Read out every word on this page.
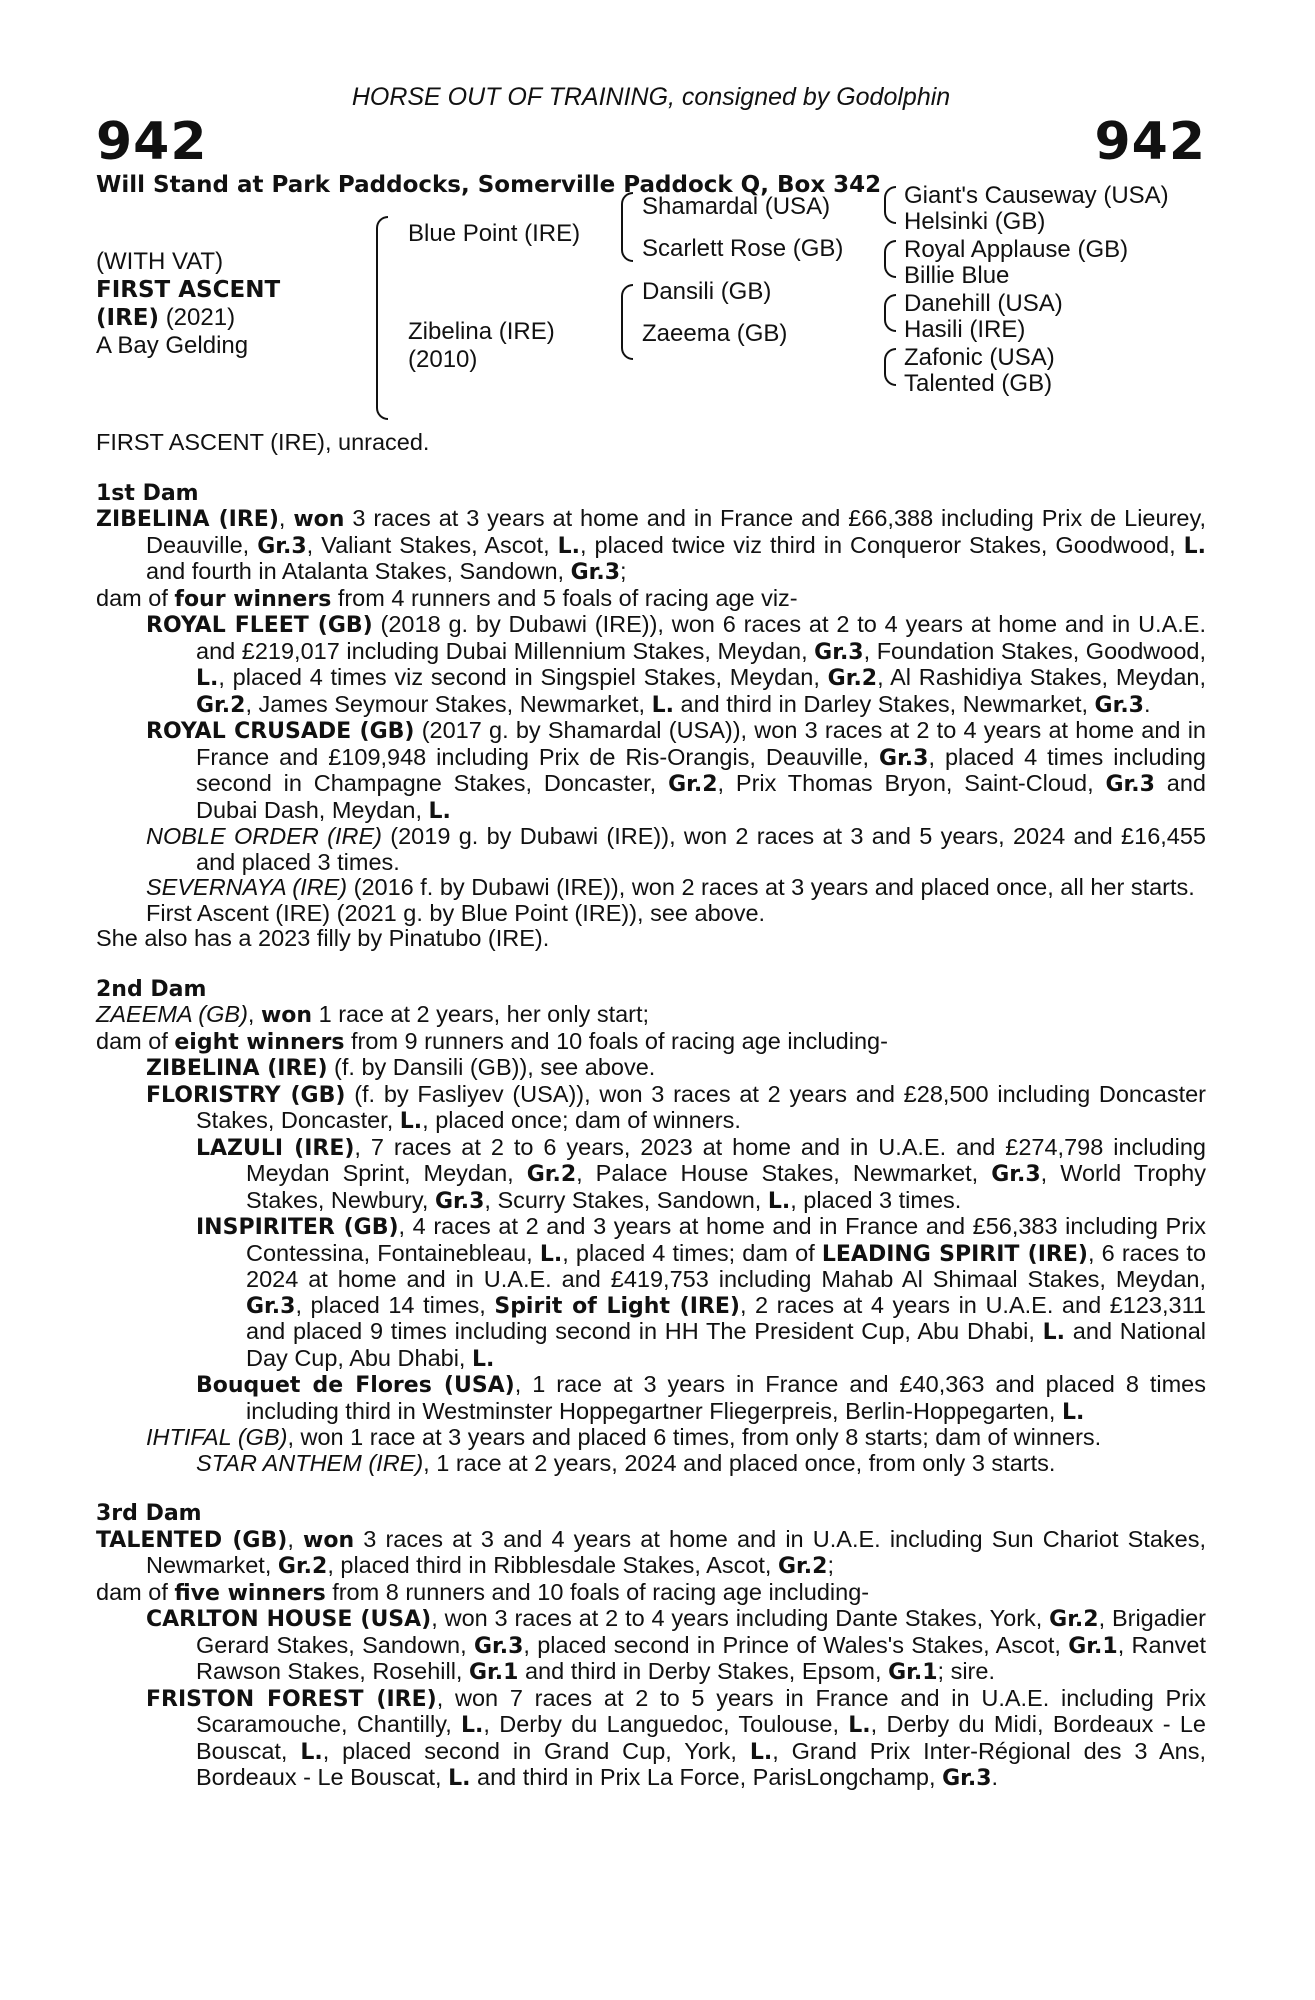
HORSE OUT OF TRAINING, consigned by Godolphin
942	942
Will Stand at Park Paddocks, Somerville Paddock Q, Box 342
(WITH VAT)
FIRST ASCENT
(IRE) (2021)
A Bay Gelding
Blue Point (IRE)
Zibelina (IRE)
(2010)
Shamardal (USA)
Scarlett Rose (GB)
Dansili (GB)
Zaeema (GB)
Giant's Causeway (USA)
Helsinki (GB)
Royal Applause (GB)
Billie Blue
Danehill (USA)
Hasili (IRE)
Zafonic (USA)
Talented (GB)

FIRST ASCENT (IRE), unraced.

1st Dam

ZIBELINA (IRE), won 3 races at 3 years at home and in France and £66,388 including Prix de Lieurey, Deauville, Gr.3, Valiant Stakes, Ascot, L., placed twice viz third in Conqueror Stakes, Goodwood, L. and fourth in Atalanta Stakes, Sandown, Gr.3;

dam of four winners from 4 runners and 5 foals of racing age viz-

ROYAL FLEET (GB) (2018 g. by Dubawi (IRE)), won 6 races at 2 to 4 years at home and in U.A.E. and £219,017 including Dubai Millennium Stakes, Meydan, Gr.3, Foundation Stakes, Goodwood, L., placed 4 times viz second in Singspiel Stakes, Meydan, Gr.2, Al Rashidiya Stakes, Meydan, Gr.2, James Seymour Stakes, Newmarket, L. and third in Darley Stakes, Newmarket, Gr.3.

ROYAL CRUSADE (GB) (2017 g. by Shamardal (USA)), won 3 races at 2 to 4 years at home and in France and £109,948 including Prix de Ris-Orangis, Deauville, Gr.3, placed 4 times including second in Champagne Stakes, Doncaster, Gr.2, Prix Thomas Bryon, Saint-Cloud, Gr.3 and Dubai Dash, Meydan, L.

NOBLE ORDER (IRE) (2019 g. by Dubawi (IRE)), won 2 races at 3 and 5 years, 2024 and £16,455 and placed 3 times.

SEVERNAYA (IRE) (2016 f. by Dubawi (IRE)), won 2 races at 3 years and placed once, all her starts.

First Ascent (IRE) (2021 g. by Blue Point (IRE)), see above.

She also has a 2023 filly by Pinatubo (IRE).

2nd Dam

ZAEEMA (GB), won 1 race at 2 years, her only start;

dam of eight winners from 9 runners and 10 foals of racing age including-

ZIBELINA (IRE) (f. by Dansili (GB)), see above.

FLORISTRY (GB) (f. by Fasliyev (USA)), won 3 races at 2 years and £28,500 including Doncaster Stakes, Doncaster, L., placed once; dam of winners.

LAZULI (IRE), 7 races at 2 to 6 years, 2023 at home and in U.A.E. and £274,798 including Meydan Sprint, Meydan, Gr.2, Palace House Stakes, Newmarket, Gr.3, World Trophy Stakes, Newbury, Gr.3, Scurry Stakes, Sandown, L., placed 3 times.

INSPIRITER (GB), 4 races at 2 and 3 years at home and in France and £56,383 including Prix Contessina, Fontainebleau, L., placed 4 times; dam of LEADING SPIRIT (IRE), 6 races to 2024 at home and in U.A.E. and £419,753 including Mahab Al Shimaal Stakes, Meydan, Gr.3, placed 14 times, Spirit of Light (IRE), 2 races at 4 years in U.A.E. and £123,311 and placed 9 times including second in HH The President Cup, Abu Dhabi, L. and National Day Cup, Abu Dhabi, L.

Bouquet de Flores (USA), 1 race at 3 years in France and £40,363 and placed 8 times including third in Westminster Hoppegartner Fliegerpreis, Berlin-Hoppegarten, L.

IHTIFAL (GB), won 1 race at 3 years and placed 6 times, from only 8 starts; dam of winners.

STAR ANTHEM (IRE), 1 race at 2 years, 2024 and placed once, from only 3 starts.

3rd Dam

TALENTED (GB), won 3 races at 3 and 4 years at home and in U.A.E. including Sun Chariot Stakes, Newmarket, Gr.2, placed third in Ribblesdale Stakes, Ascot, Gr.2;

dam of five winners from 8 runners and 10 foals of racing age including-

CARLTON HOUSE (USA), won 3 races at 2 to 4 years including Dante Stakes, York, Gr.2, Brigadier Gerard Stakes, Sandown, Gr.3, placed second in Prince of Wales's Stakes, Ascot, Gr.1, Ranvet Rawson Stakes, Rosehill, Gr.1 and third in Derby Stakes, Epsom, Gr.1; sire.

FRISTON FOREST (IRE), won 7 races at 2 to 5 years in France and in U.A.E. including Prix Scaramouche, Chantilly, L., Derby du Languedoc, Toulouse, L., Derby du Midi, Bordeaux - Le Bouscat, L., placed second in Grand Cup, York, L., Grand Prix Inter-Régional des 3 Ans, Bordeaux - Le Bouscat, L. and third in Prix La Force, ParisLongchamp, Gr.3.
